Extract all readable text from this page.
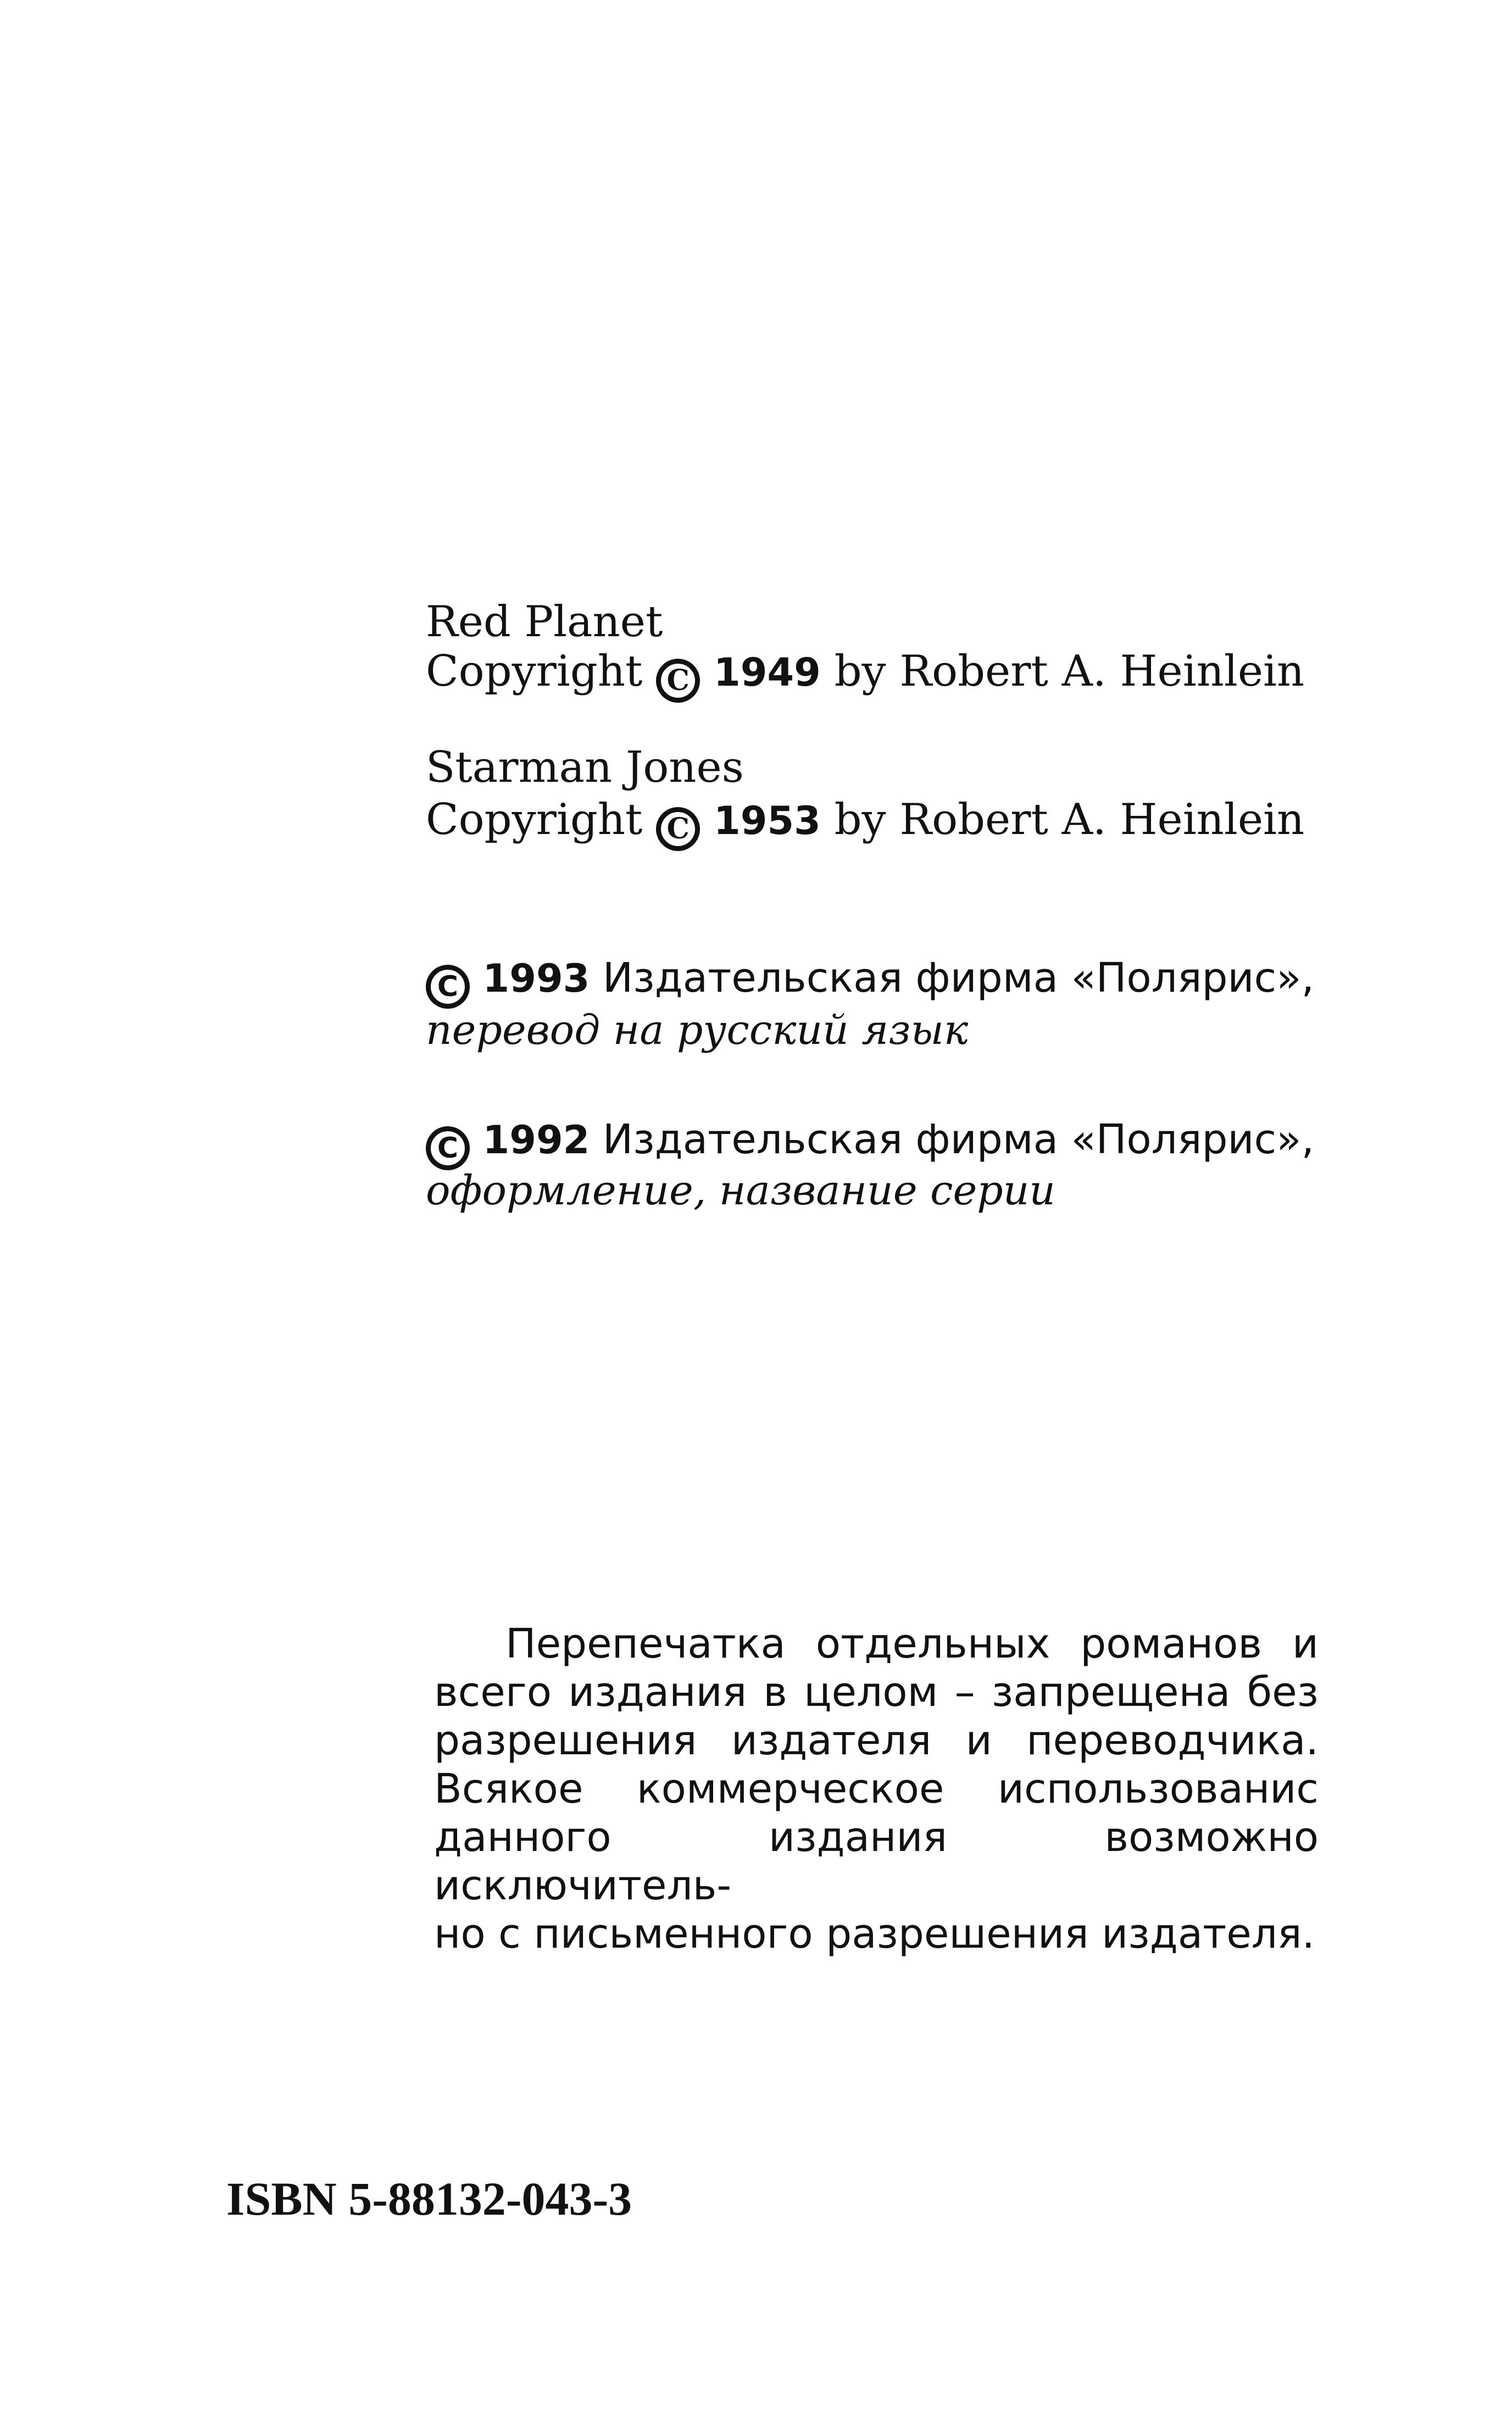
Red Planet
Copyright C 1949 by Robert A. Heinlein
Starman Jones
Copyright C 1953 by Robert A. Heinlein
C 1993 Издательская фирма «Полярис»,
перевод на русский язык
C 1992 Издательская фирма «Полярис»,
оформление, название серии
Перепечатка отдельных романов и
всего издания в целом – запрещена без
разрешения издателя и переводчика.
Всякое коммерческое использованис
данного издания возможно исключитель-
но с письменного разрешения издателя.
ISBN 5-88132-043-3
